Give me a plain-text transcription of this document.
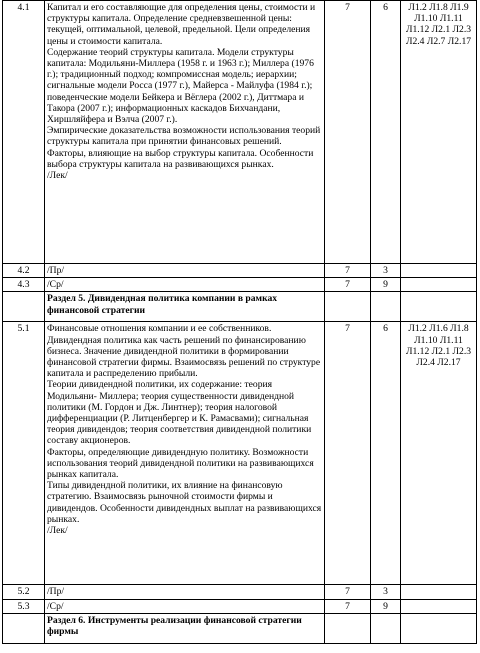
4.1	Капитал и его составляющие для определения цены, стоимости и структуры капитала. Определение средневзвешенной цены: текущей, оптимальной, целевой, предельной. Цели определения цены и стоимости капитала.

Содержание теорий структуры капитала. Модели структуры капитала: Модильяни-Миллера (1958 г. и 1963 г.); Миллера (1976 г.); традиционный подход; компромиссная модель; иерархии; сигнальные модели Росса (1977 г.), Майерса - Майлуфа (1984 г.); поведенческие модели Бейкера и Вёглера (2002 г.), Диттмара и Такора (2007 г.); информационных каскадов Бихчандани, Хиршляйфера и Вэлча (2007 г.).

Эмпирические доказательства возможности использования теорий структуры капитала при принятии финансовых решений.

Факторы, влияющие на выбор структуры капитала. Особенности выбора структуры капитала на развивающихся рынках.

/Лек/	7	6	Л1.2 Л1.8 Л1.9 Л1.10 Л1.11 Л1.12 Л2.1 Л2.3 Л2.4 Л2.7 Л2.17
4.2	/Пр/	7	3	
4.3	/Ср/	7	9	
	Раздел 5. Дивидендная политика компании в рамках финансовой стратегии			
5.1	Финансовые отношения компании и ее собственников. Дивидендная политика как часть решений по финансированию бизнеса. Значение дивидендной политики в формировании финансовой стратегии фирмы. Взаимосвязь решений по структуре капитала и распределению прибыли.

Теории дивидендной политики, их содержание: теория Модильяни- Миллера; теория существенности дивидендной политики (М. Гордон и Дж. Линтнер); теория налоговой дифференциации (Р. Литценбергер и К. Рамасвами); сигнальная теория дивидендов; теория соответствия дивидендной политики составу акционеров.

Факторы, определяющие дивидендную политику. Возможности использования теорий дивидендной политики на развивающихся рынках капитала.

Типы дивидендной политики, их влияние на финансовую стратегию. Взаимосвязь рыночной стоимости фирмы и дивидендов. Особенности дивидендных выплат на развивающихся рынках.

/Лек/	7	6	Л1.2 Л1.6 Л1.8 Л1.10 Л1.11 Л1.12 Л2.1 Л2.3 Л2.4 Л2.17
5.2	/Пр/	7	3	
5.3	/Ср/	7	9	
	Раздел 6. Инструменты реализации финансовой стратегии фирмы			
